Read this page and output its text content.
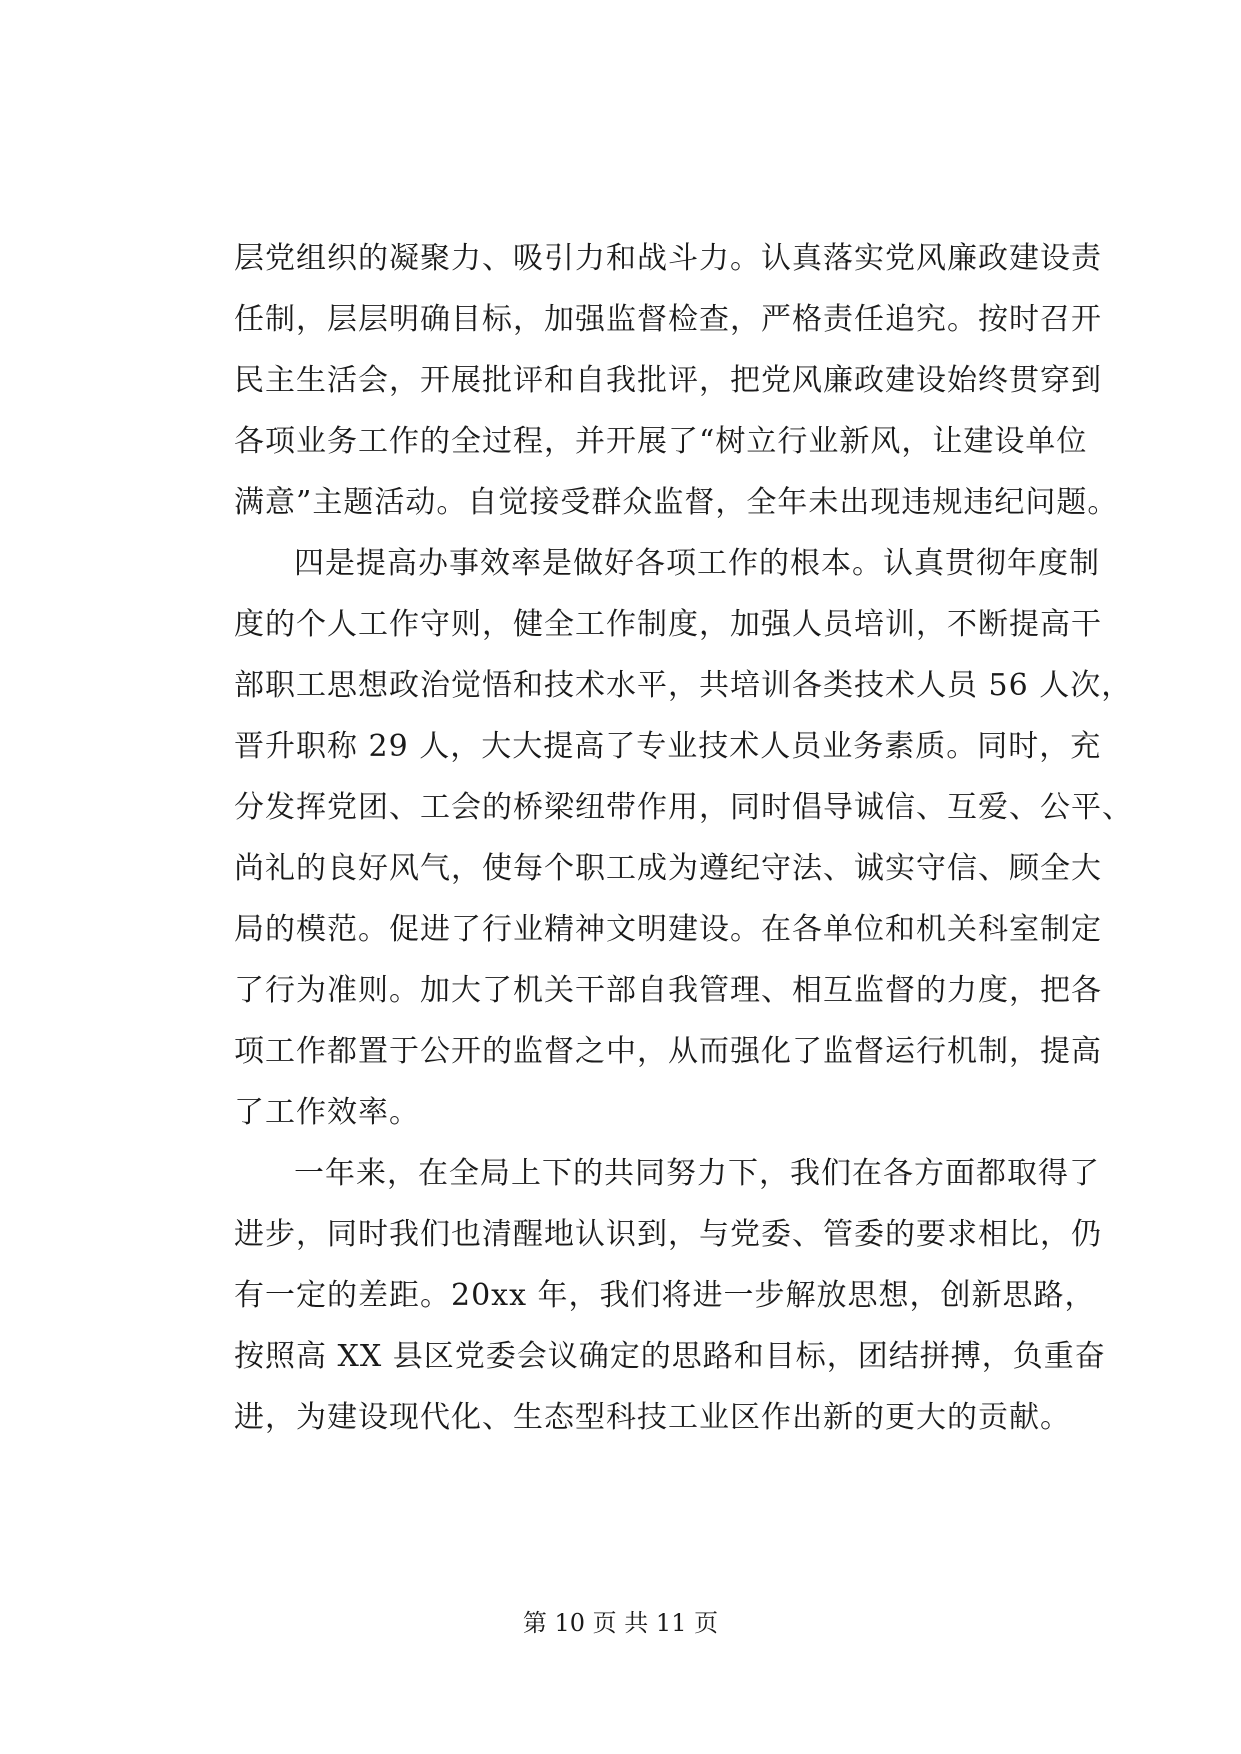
层党组织的凝聚力、吸引力和战斗力。认真落实党风廉政建设责
任制，层层明确目标，加强监督检查，严格责任追究。按时召开
民主生活会，开展批评和自我批评，把党风廉政建设始终贯穿到
各项业务工作的全过程，并开展了“树立行业新风，让建设单位
满意”主题活动。自觉接受群众监督，全年未出现违规违纪问题。
四是提高办事效率是做好各项工作的根本。认真贯彻年度制
度的个人工作守则，健全工作制度，加强人员培训，不断提高干
部职工思想政治觉悟和技术水平，共培训各类技术人员 56 人次，
晋升职称 29 人，大大提高了专业技术人员业务素质。同时，充
分发挥党团、工会的桥梁纽带作用，同时倡导诚信、互爱、公平、
尚礼的良好风气，使每个职工成为遵纪守法、诚实守信、顾全大
局的模范。促进了行业精神文明建设。在各单位和机关科室制定
了行为准则。加大了机关干部自我管理、相互监督的力度，把各
项工作都置于公开的监督之中，从而强化了监督运行机制，提高
了工作效率。
一年来，在全局上下的共同努力下，我们在各方面都取得了
进步，同时我们也清醒地认识到，与党委、管委的要求相比，仍
有一定的差距。20xx 年，我们将进一步解放思想，创新思路，
按照高 XX 县区党委会议确定的思路和目标，团结拼搏，负重奋
进，为建设现代化、生态型科技工业区作出新的更大的贡献。
第 10 页 共 11 页
